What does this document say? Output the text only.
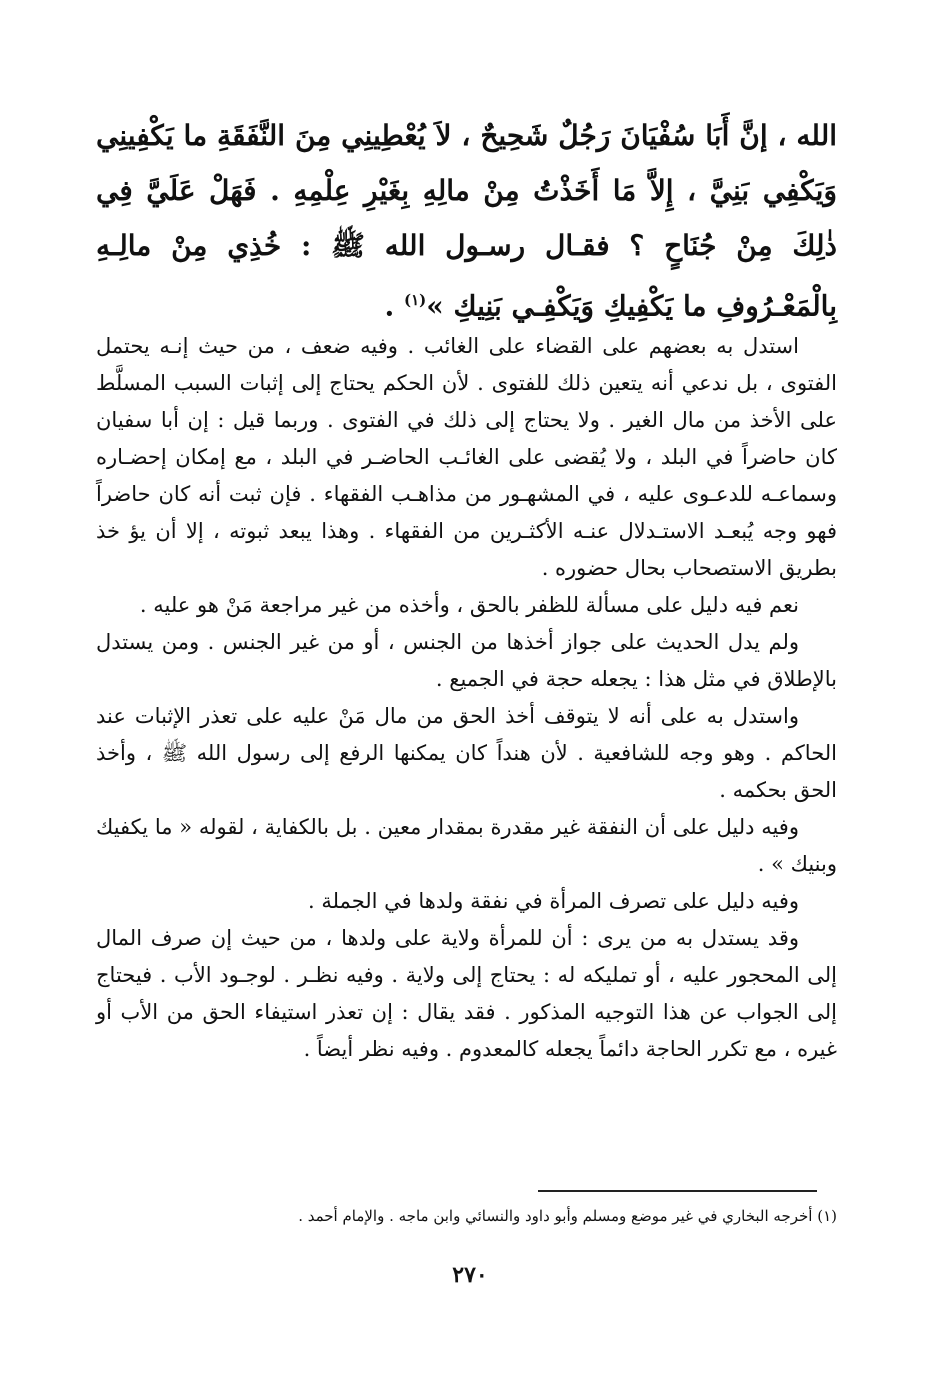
الله ، إنَّ أَبَا سُفْيَانَ رَجُلٌ شَحِيحٌ ، لاَ يُعْطِينِي مِنَ النَّفَقَةِ ما يَكْفِينِي وَيَكْفِي بَنِيَّ ، إِلاَّ مَا أَخَذْتُ مِنْ مالِهِ بِغَيْرِ عِلْمِهِ . فَهَلْ عَلَيَّ فِي ذٰلِكَ مِنْ جُنَاحٍ ؟ فقـال رسـول الله ﷺ : خُذِي مِنْ مالِـهِ بِالْمَعْـرُوفِ ما يَكْفِيكِ وَيَكْفِـي بَنِيكِ »$^{(١)}$ .

استدل به بعضهم على القضاء على الغائب . وفيه ضعف ، من حيث إنـه يحتمل الفتوى ، بل ندعي أنه يتعين ذلك للفتوى . لأن الحكم يحتاج إلى إثبات السبب المسلَّط على الأخذ من مال الغير . ولا يحتاج إلى ذلك في الفتوى . وربما قيل : إن أبا سفيان كان حاضراً في البلد ، ولا يُقضى على الغائـب الحاضـر في البلد ، مع إمكان إحضـاره وسماعـه للدعـوى عليه ، في المشهـور من مذاهـب الفقهاء . فإن ثبت أنه كان حاضراً فهو وجه يُبعـد الاستـدلال عنـه الأكثـرين من الفقهاء . وهذا يبعد ثبوته ، إلا أن يؤ خذ بطريق الاستصحاب بحال حضوره .

نعم فيه دليل على مسألة للظفر بالحق ، وأخذه من غير مراجعة مَنْ هو عليه .

ولم يدل الحديث على جواز أخذها من الجنس ، أو من غير الجنس . ومن يستدل بالإطلاق في مثل هذا : يجعله حجة في الجميع .

واستدل به على أنه لا يتوقف أخذ الحق من مال مَنْ عليه على تعذر الإثبات عند الحاكم . وهو وجه للشافعية . لأن هنداً كان يمكنها الرفع إلى رسول الله ﷺ ، وأخذ الحق بحكمه .

وفيه دليل على أن النفقة غير مقدرة بمقدار معين . بل بالكفاية ، لقوله « ما يكفيك وبنيك » .

وفيه دليل على تصرف المرأة في نفقة ولدها في الجملة .

وقد يستدل به من يرى : أن للمرأة ولاية على ولدها ، من حيث إن صرف المال إلى المحجور عليه ، أو تمليكه له : يحتاج إلى ولاية . وفيه نظـر . لوجـود الأب . فيحتاج إلى الجواب عن هذا التوجيه المذكور . فقد يقال : إن تعذر استيفاء الحق من الأب أو غيره ، مع تكرر الحاجة دائماً يجعله كالمعدوم . وفيه نظر أيضاً .

(١) أخرجه البخاري في غير موضع ومسلم وأبو داود والنسائي وابن ماجه . والإمام أحمد .
٢٧٠
